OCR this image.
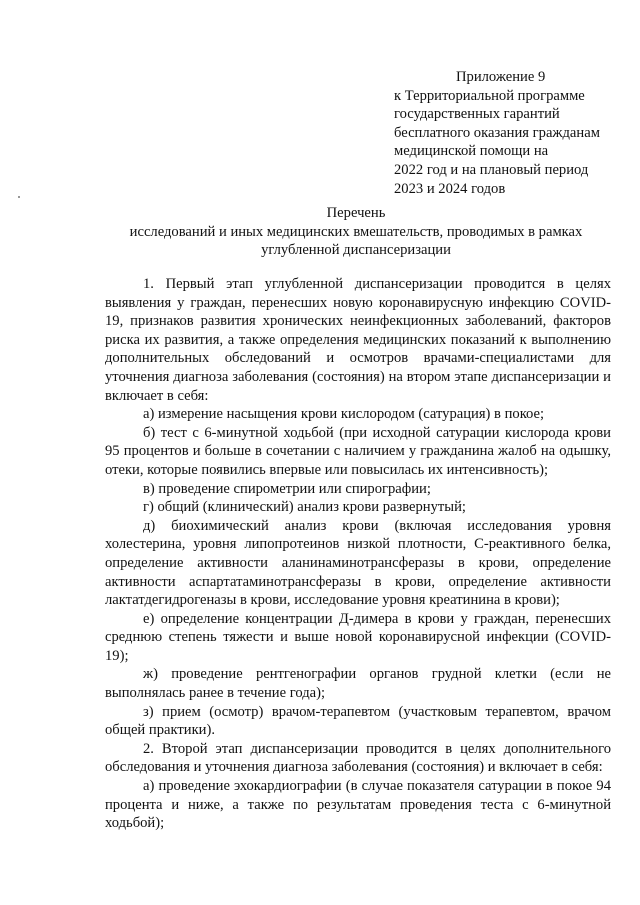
Приложение 9
к Территориальной программе
государственных гарантий
бесплатного оказания гражданам
медицинской помощи на
2022 год и на плановый период
2023 и 2024 годов
Перечень
исследований и иных медицинских вмешательств, проводимых в рамках
углубленной диспансеризации

1. Первый этап углубленной диспансеризации проводится в целях выявления у граждан, перенесших новую коронавирусную инфекцию COVID-19, признаков развития хронических неинфекционных заболеваний, факторов риска их развития, а также определения медицинских показаний к выполнению дополнительных обследований и осмотров врачами-специалистами для уточнения диагноза заболевания (состояния) на втором этапе диспансеризации и включает в себя:

а) измерение насыщения крови кислородом (сатурация) в покое;

б) тест с 6-минутной ходьбой (при исходной сатурации кислорода крови 95 процентов и больше в сочетании с наличием у гражданина жалоб на одышку, отеки, которые появились впервые или повысилась их интенсивность);

в) проведение спирометрии или спирографии;

г) общий (клинический) анализ крови развернутый;

д) биохимический анализ крови (включая исследования уровня холестерина, уровня липопротеинов низкой плотности, С-реактивного белка, определение активности аланинаминотрансферазы в крови, определение активности аспартатаминотрансферазы в крови, определение активности лактатдегидрогеназы в крови, исследование уровня креатинина в крови);

е) определение концентрации Д-димера в крови у граждан, перенесших среднюю степень тяжести и выше новой коронавирусной инфекции (COVID-19);

ж) проведение рентгенографии органов грудной клетки (если не выполнялась ранее в течение года);

з) прием (осмотр) врачом-терапевтом (участковым терапевтом, врачом общей практики).

2. Второй этап диспансеризации проводится в целях дополнительного обследования и уточнения диагноза заболевания (состояния) и включает в себя:

а) проведение эхокардиографии (в случае показателя сатурации в покое 94 процента и ниже, а также по результатам проведения теста с 6-минутной ходьбой);
